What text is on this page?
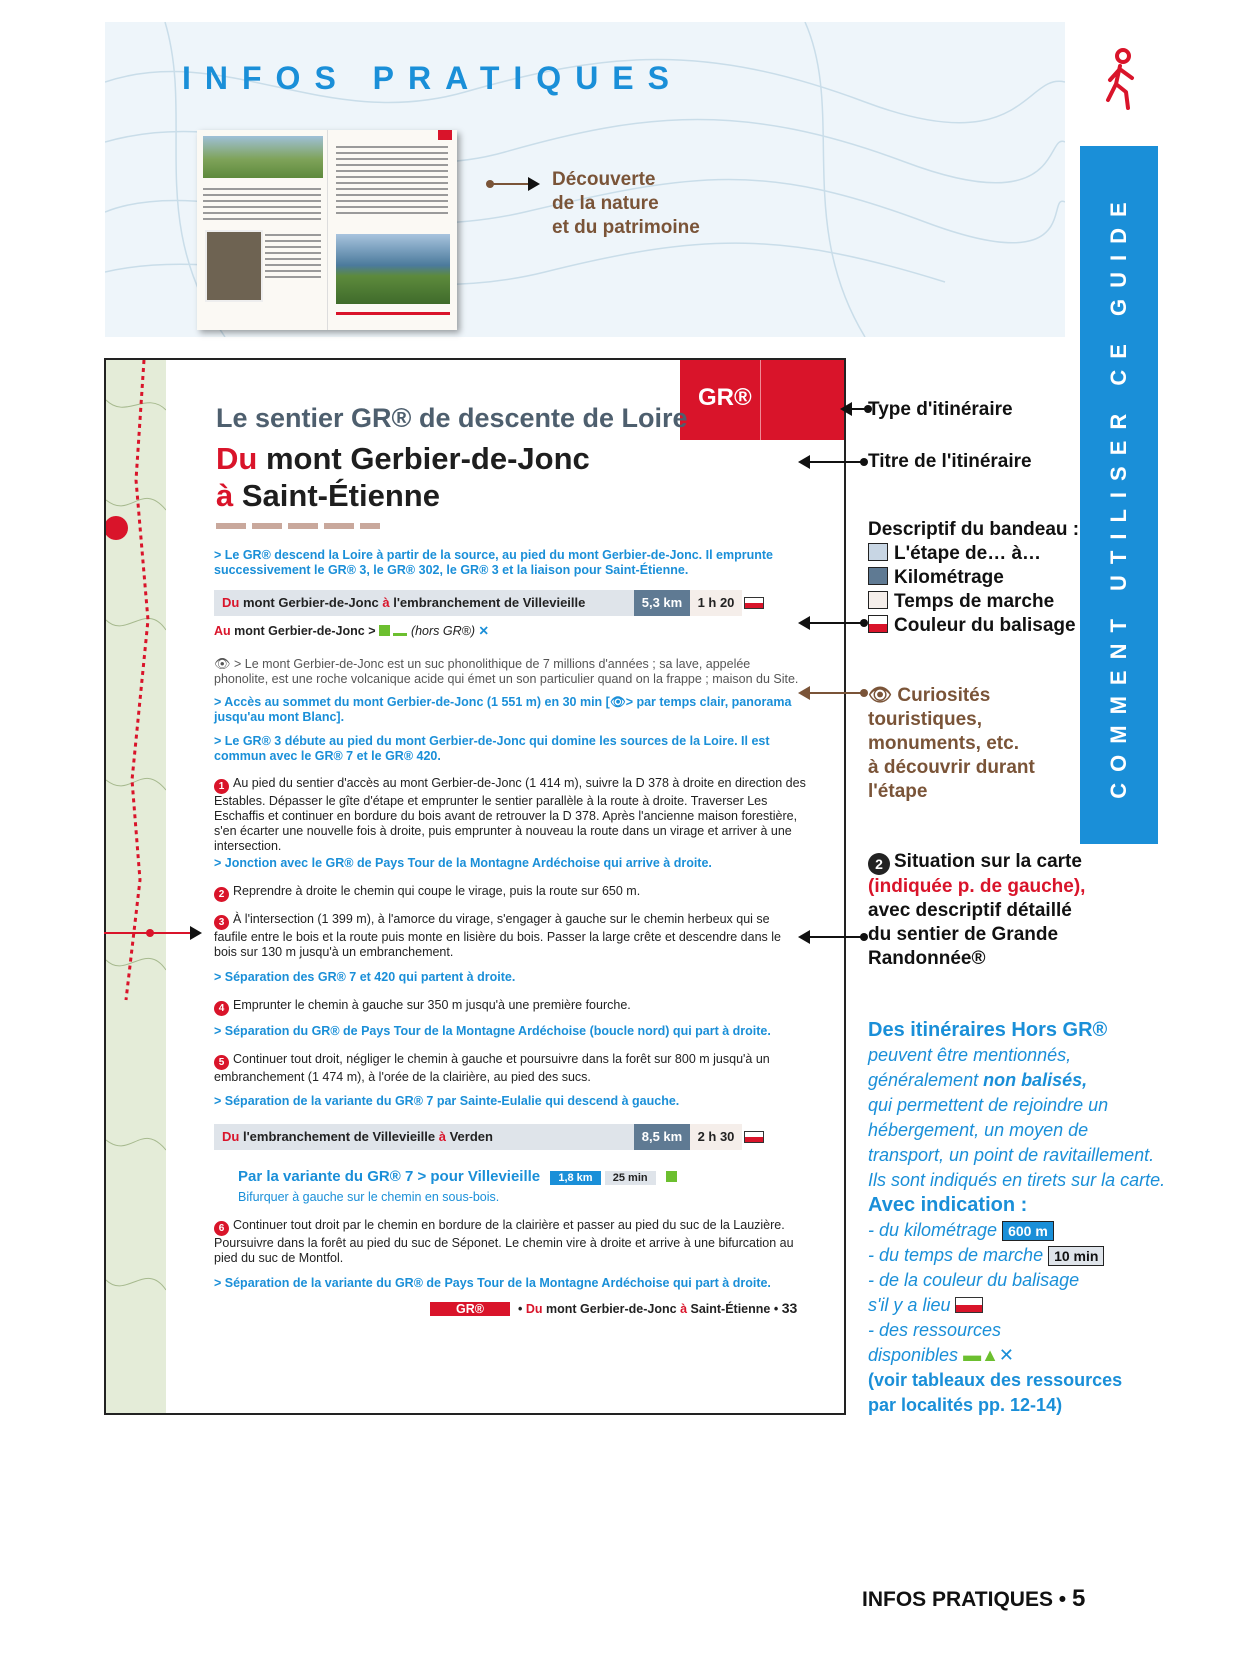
INFOS PRATIQUES
Découverte
de la nature
et du patrimoine	COMMENT UTILISER CE GUIDE
GR®
Le sentier GR® de descente de Loire
Du mont Gerbier-de-Jonc
à Saint-Étienne
> Le GR® descend la Loire à partir de la source, au pied du mont Gerbier-de-Jonc. Il emprunte successivement le GR® 3, le GR® 302, le GR® 3 et la liaison pour Saint-Étienne.
Du mont Gerbier-de-Jonc à l'embranchement de Villevieille	5,3 km	1 h 20
Au mont Gerbier-de-Jonc >	(hors GR®) ✕
👁 > Le mont Gerbier-de-Jonc est un suc phonolithique de 7 millions d'années ; sa lave, appelée phonolite, est une roche volcanique acide qui émet un son particulier quand on la frappe ; maison du Site.
> Accès au sommet du mont Gerbier-de-Jonc (1 551 m) en 30 min [👁> par temps clair, panorama jusqu'au mont Blanc].
> Le GR® 3 débute au pied du mont Gerbier-de-Jonc qui domine les sources de la Loire. Il est commun avec le GR® 7 et le GR® 420.
1 Au pied du sentier d'accès au mont Gerbier-de-Jonc (1 414 m), suivre la D 378 à droite en direction des Estables. Dépasser le gîte d'étape et emprunter le sentier parallèle à la route à droite. Traverser Les Eschaffis et continuer en bordure du bois avant de retrouver la D 378. Après l'ancienne maison forestière, s'en écarter une nouvelle fois à droite, puis emprunter à nouveau la route dans un virage et arriver à une intersection.
> Jonction avec le GR® de Pays Tour de la Montagne Ardéchoise qui arrive à droite.
2 Reprendre à droite le chemin qui coupe le virage, puis la route sur 650 m.
3 À l'intersection (1 399 m), à l'amorce du virage, s'engager à gauche sur le chemin herbeux qui se faufile entre le bois et la route puis monte en lisière du bois. Passer la large crête et descendre dans le bois sur 130 m jusqu'à un embranchement.
> Séparation des GR® 7 et 420 qui partent à droite.
4 Emprunter le chemin à gauche sur 350 m jusqu'à une première fourche.
> Séparation du GR® de Pays Tour de la Montagne Ardéchoise (boucle nord) qui part à droite.
5 Continuer tout droit, négliger le chemin à gauche et poursuivre dans la forêt sur 800 m jusqu'à un embranchement (1 474 m), à l'orée de la clairière, au pied des sucs.
> Séparation de la variante du GR® 7 par Sainte-Eulalie qui descend à gauche.
Du l'embranchement de Villevieille à Verden	8,5 km	2 h 30
Par la variante du GR® 7 > pour Villevieille 1,8 km 25 min
Bifurquer à gauche sur le chemin en sous-bois.
6 Continuer tout droit par le chemin en bordure de la clairière et passer au pied du suc de la Lauzière. Poursuivre dans la forêt au pied du suc de Séponet. Le chemin vire à droite et arrive à une bifurcation au pied du suc de Montfol.
> Séparation de la variante du GR® de Pays Tour de la Montagne Ardéchoise qui part à droite.
GR®	• Du mont Gerbier-de-Jonc à Saint-Étienne • 33
Type d'itinéraire
Titre de l'itinéraire
Descriptif du bandeau :
L'étape de… à…
Kilométrage
Temps de marche
Couleur du balisage
👁 Curiosités
touristiques,
monuments, etc.
à découvrir durant
l'étape
2 Situation sur la carte
(indiquée p. de gauche),
avec descriptif détaillé
du sentier de Grande
Randonnée®
Des itinéraires Hors GR®
peuvent être mentionnés,
généralement non balisés,
qui permettent de rejoindre un
hébergement, un moyen de
transport, un point de ravitaillement.
Ils sont indiqués en tirets sur la carte.
Avec indication :
- du kilométrage 600 m
- du temps de marche 10 min
- de la couleur du balisage
s'il y a lieu
- des ressources
disponibles ▬▲✕
(voir tableaux des ressources
par localités pp. 12-14)
INFOS PRATIQUES • 5
